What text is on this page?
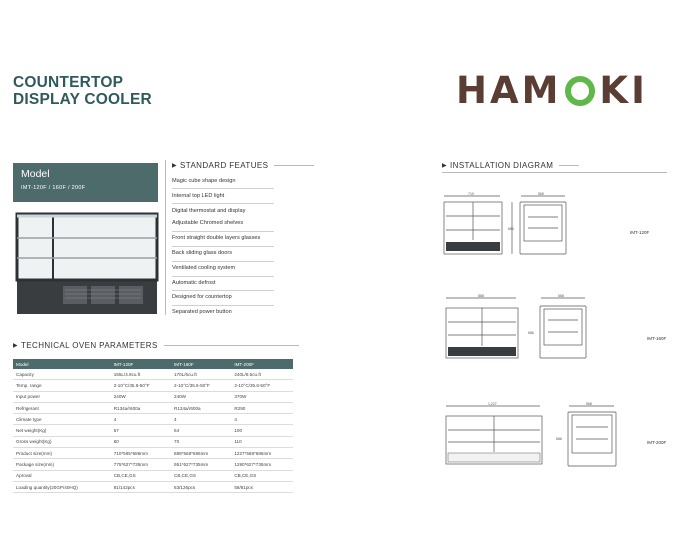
COUNTERTOP
DISPLAY COOLER	HAM KI
Model
IMT-120F / 160F / 200F
▶ STANDARD FEATUES
Magic cube shape design
Internal top LED light
Digital thermostat and display
Adjustable Chromed shelves
Front straight double layers glasses
Back sliding glass doors
Ventilated cooling system
Automatic defrost
Designed for countertop
Separated power button
▶ TECHNICAL OVEN PARAMETERS
Model	IMT-120F	IMT-160F	IMT-200F
Capacity	155L/4.9cu.ft	170L/6cu.ft	240L/8.5cu.ft
Temp. range	2-10°C/35.6-50°F	2-10°C/35.6-50°F	2-10°C/35.6-50°F
Input power	240W	240W	370W
Refrigerant	R134a/r600a	R134a/r600a	R290
Climate type	4	4	4
Net weight(Kg)	57	64	100
Gross weight(Kg)	60	70	110
Product size(mm)	710*565*686mm	888*568*686mm	1227*568*686mm
Package size(mm)	775*627*735mm	951*627*735mm	1290*627*735mm
Aproval	CB,CE,GS	CB,CE,GS	CB,CE,GS
Loading quantity(20GP/40HQ)	81/142pcs	63/126pcs	58/81pcs
▶ INSTALLATION DIAGRAM
710	565
686
IMT-120F
888	568
686
IMT-160F
1,227	568
686
IMT-200F
